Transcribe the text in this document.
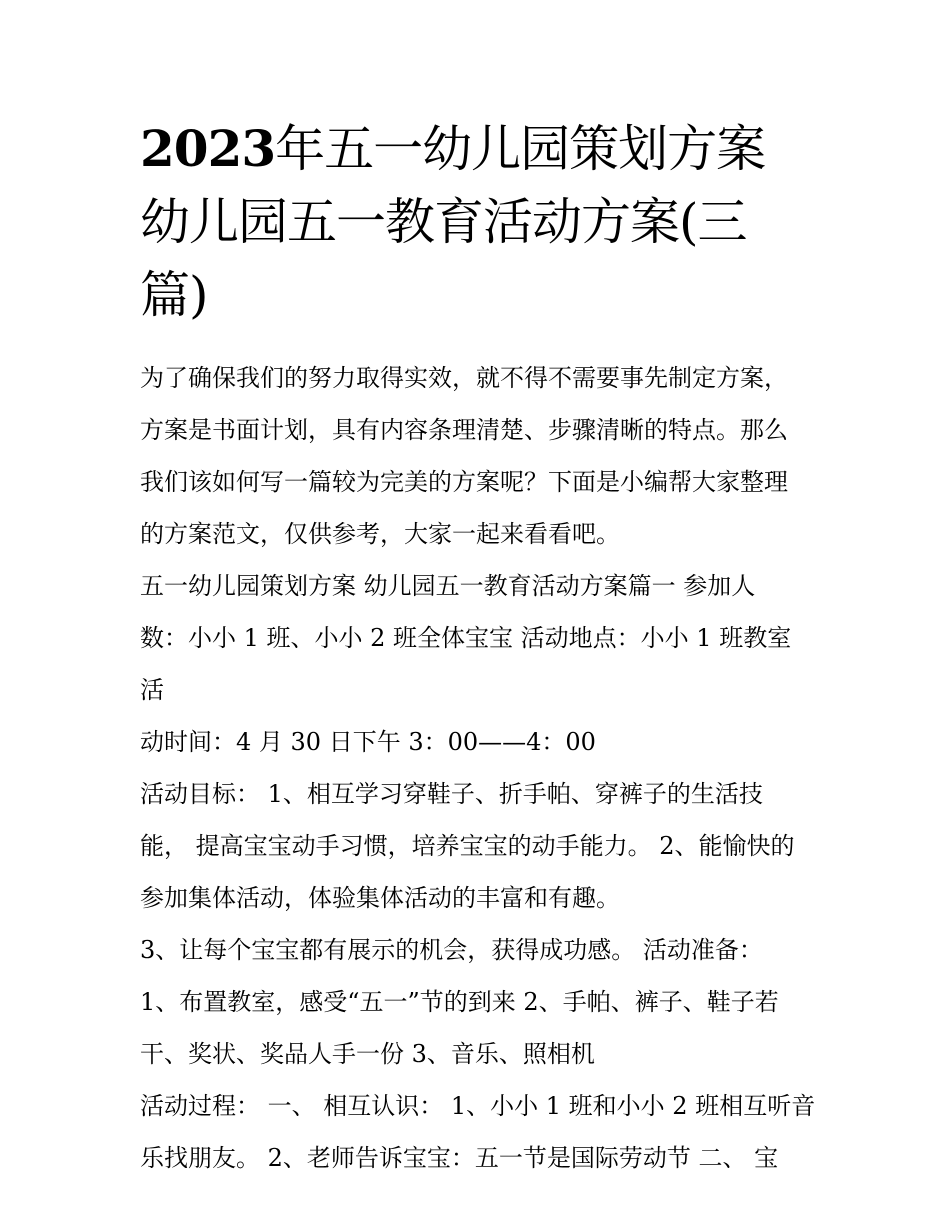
2023年五一幼儿园策划方案
幼儿园五一教育活动方案(三
篇)
为了确保我们的努力取得实效，就不得不需要事先制定方案，
方案是书面计划，具有内容条理清楚、步骤清晰的特点。那么
我们该如何写一篇较为完美的方案呢？下面是小编帮大家整理
的方案范文，仅供参考，大家一起来看看吧。
五一幼儿园策划方案 幼儿园五一教育活动方案篇一 参加人
数：小小 1 班、小小 2 班全体宝宝 活动地点：小小 1 班教室 活
动时间：4 月 30 日下午 3：00——4：00
活动目标： 1、相互学习穿鞋子、折手帕、穿裤子的生活技
能， 提高宝宝动手习惯，培养宝宝的动手能力。 2、能愉快的
参加集体活动，体验集体活动的丰富和有趣。
3、让每个宝宝都有展示的机会，获得成功感。 活动准备：
1、布置教室，感受“五一”节的到来 2、手帕、裤子、鞋子若
干、奖状、奖品人手一份 3、音乐、照相机
活动过程： 一、 相互认识： 1、小小 1 班和小小 2 班相互听音
乐找朋友。 2、老师告诉宝宝：五一节是国际劳动节 二、 宝
